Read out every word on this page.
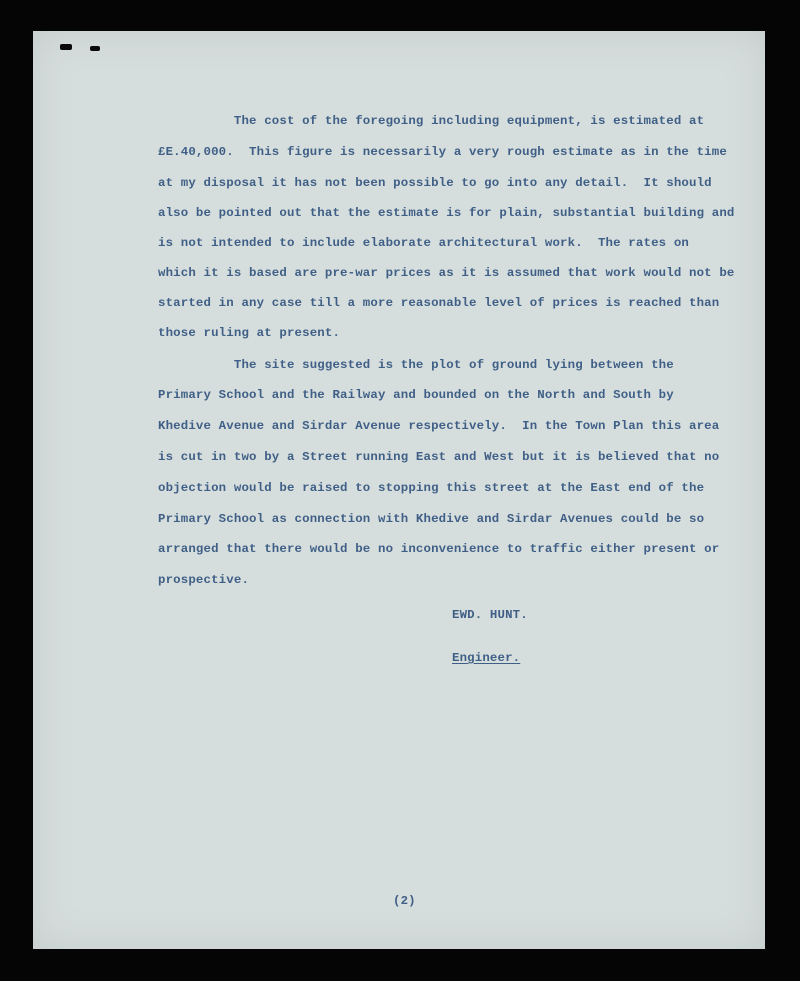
The cost of the foregoing including equipment, is estimated at

£E.40,000.  This figure is necessarily a very rough estimate as in the time

at my disposal it has not been possible to go into any detail.  It should

also be pointed out that the estimate is for plain, substantial building and

is not intended to include elaborate architectural work.  The rates on

which it is based are pre-war prices as it is assumed that work would not be

started in any case till a more reasonable level of prices is reached than

those ruling at present.

The site suggested is the plot of ground lying between the

Primary School and the Railway and bounded on the North and South by

Khedive Avenue and Sirdar Avenue respectively.  In the Town Plan this area

is cut in two by a Street running East and West but it is believed that no

objection would be raised to stopping this street at the East end of the

Primary School as connection with Khedive and Sirdar Avenues could be so

arranged that there would be no inconvenience to traffic either present or

prospective.

EWD. HUNT.

Engineer.

(2)
